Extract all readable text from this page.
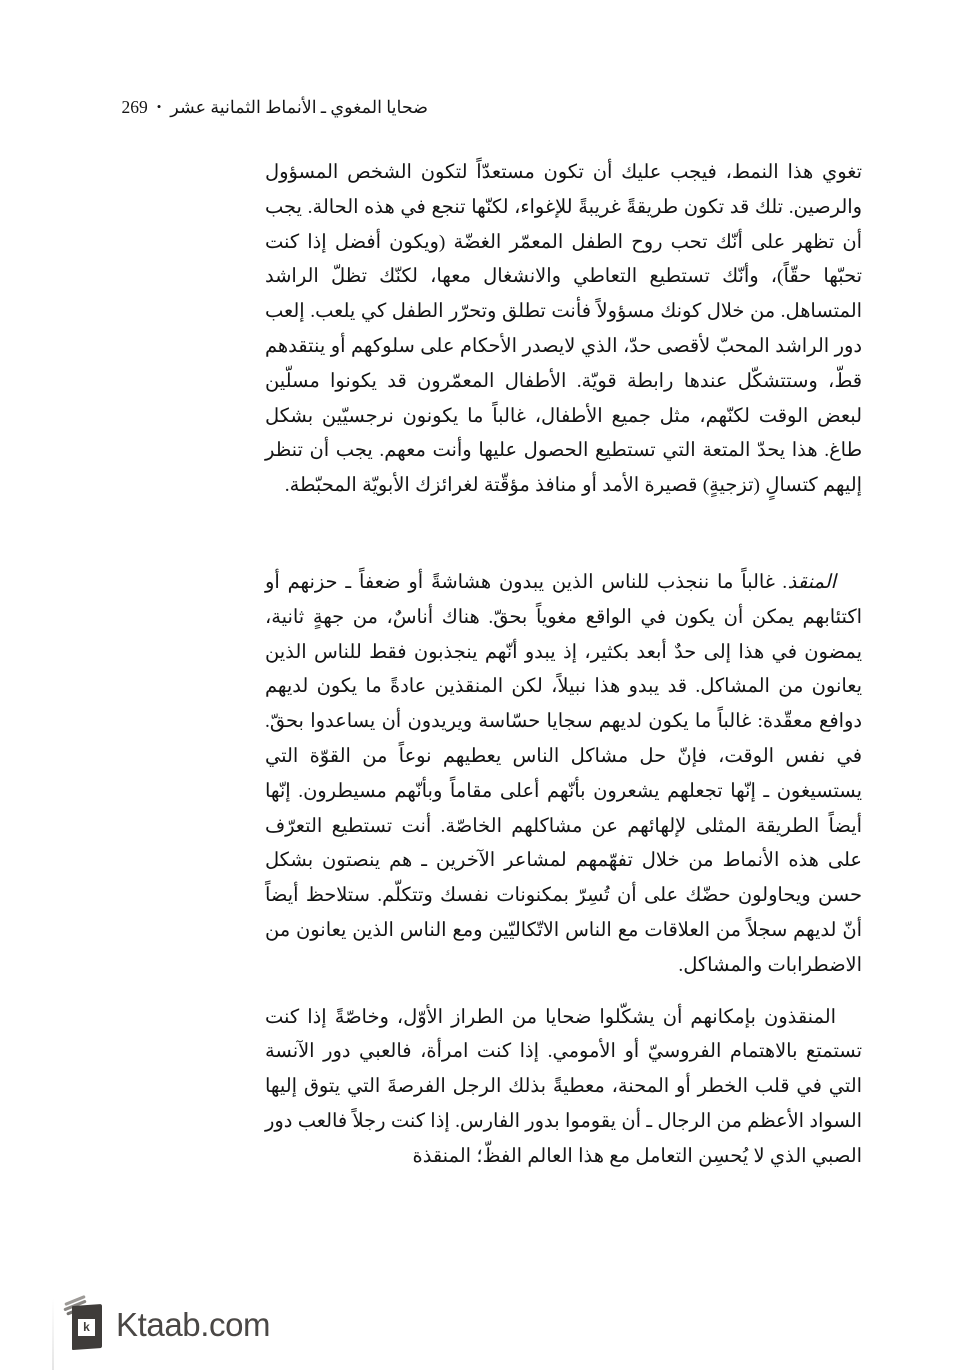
ضحايا المغوي ـ الأنماط الثمانية عشر
•
269

تغوي هذا النمط، فيجب عليك أن تكون مستعدّاً لتكون الشخص المسؤول والرصين. تلك قد تكون طريقةً غريبةً للإغواء، لكنّها تنجع في هذه الحالة. يجب أن تظهر على أنّك تحب روح الطفل المعمّر الغضّة (ويكون أفضل إذا كنت تحبّها حقّاً)، وأنّك تستطيع التعاطي والانشغال معها، لكنّك تظلّ الراشد المتساهل. من خلال كونك مسؤولاً فأنت تطلق وتحرّر الطفل كي يلعب. إلعب دور الراشد المحبّ لأقصى حدّ، الذي لايصدر الأحكام على سلوكهم أو ينتقدهم قطّ، وستتشكّل عندها رابطة قويّة. الأطفال المعمّرون قد يكونوا مسلّين لبعض الوقت لكنّهم، مثل جميع الأطفال، غالباً ما يكونون نرجسيّين بشكل طاغ. هذا يحدّ المتعة التي تستطيع الحصول عليها وأنت معهم. يجب أن تنظر إليهم كتسالٍ (تزجيةٍ) قصيرة الأمد أو منافذ مؤقّتة لغرائزك الأبويّة المحبّطة.

المنقذ. غالباً ما ننجذب للناس الذين يبدون هشاشةً أو ضعفاً ـ حزنهم أو اكتئابهم يمكن أن يكون في الواقع مغوياً بحقّ. هناك أناسٌ، من جهةٍ ثانية، يمضون في هذا إلى حدٌ أبعد بكثير، إذ يبدو أنّهم ينجذبون فقط للناس الذين يعانون من المشاكل. قد يبدو هذا نبيلاً، لكن المنقذين عادةً ما يكون لديهم دوافع معقّدة: غالباً ما يكون لديهم سجايا حسّاسة ويريدون أن يساعدوا بحقّ. في نفس الوقت، فإنّ حل مشاكل الناس يعطيهم نوعاً من القوّة التي يستسيغون ـ إنّها تجعلهم يشعرون بأنّهم أعلى مقاماً وبأنّهم مسيطرون. إنّها أيضاً الطريقة المثلى لإلهائهم عن مشاكلهم الخاصّة. أنت تستطيع التعرّف على هذه الأنماط من خلال تفهّمهم لمشاعر الآخرين ـ هم ينصتون بشكل حسن ويحاولون حضّك على أن تُسِرّ بمكنونات نفسك وتتكلّم. ستلاحظ أيضاً أنّ لديهم سجلاً من العلاقات مع الناس الاتّكاليّين ومع الناس الذين يعانون من الاضطرابات والمشاكل.

المنقذون بإمكانهم أن يشكّلوا ضحايا من الطراز الأوّل، وخاصّةً إذا كنت تستمتع بالاهتمام الفروسيّ أو الأمومي. إذا كنت امرأة، فالعبي دور الآنسة التي في قلب الخطر أو المحنة، معطيةً بذلك الرجل الفرصةَ التي يتوق إليها السواد الأعظم من الرجال ـ أن يقوموا بدور الفارس. إذا كنت رجلاً فالعب دور الصبي الذي لا يُحسِن التعامل مع هذا العالم الفظّ؛ المنقذة

k Ktaab.com
